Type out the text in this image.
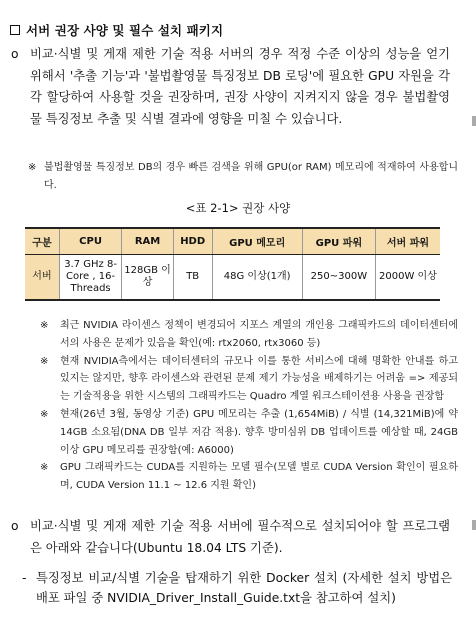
서버 권장 사양 및 필수 설치 패키지
o 비교·식별 및 게재 제한 기술 적용 서버의 경우 적정 수준 이상의 성능을 얻기 위해서 '추출 기능'과 '불법촬영물 특징정보 DB 로딩'에 필요한 GPU 자원을 각각 할당하여 사용할 것을 권장하며, 권장 사양이 지켜지지 않을 경우 불법촬영물 특징정보 추출 및 식별 결과에 영향을 미칠 수 있습니다.
※ 불법촬영물 특징정보 DB의 경우 빠른 검색을 위해 GPU(or RAM) 메모리에 적재하여 사용합니다.
<표 2-1> 권장 사양
구분	CPU	RAM	HDD	GPU 메모리	GPU 파워	서버 파워
서버	3.7 GHz 8-Core , 16-Threads	128GB 이상	TB	48G 이상(1개)	250~300W	2000W 이상
※ 최근 NVIDIA 라이센스 정책이 변경되어 지포스 계열의 개인용 그래픽카드의 데이터센터에서의 사용은 문제가 있음을 확인(예: rtx2060, rtx3060 등)
※ 현재 NVIDIA측에서는 데이터센터의 규모나 이를 통한 서비스에 대해 명확한 안내를 하고 있지는 않지만, 향후 라이센스와 관련된 문제 제기 가능성을 배제하기는 어려움 => 제공되는 기술적용을 위한 시스템의 그래픽카드는 Quadro 계열 워크스테이션용 사용을 권장함
※ 현재(26년 3월, 동영상 기준) GPU 메모리는 추출 (1,654MiB) / 식별 (14,321MiB)에 약 14GB 소요됨(DNA DB 일부 저감 적용). 향후 방미심위 DB 업데이트를 예상할 때, 24GB 이상 GPU 메모리를 권장함(예: A6000)
※ GPU 그래픽카드는 CUDA를 지원하는 모델 필수(모델 별로 CUDA Version 확인이 필요하며, CUDA Version 11.1 ~ 12.6 지원 확인)
o 비교·식별 및 게재 제한 기술 적용 서버에 필수적으로 설치되어야 할 프로그램은 아래와 같습니다(Ubuntu 18.04 LTS 기준).
- 특징정보 비교/식별 기술을 탑재하기 위한 Docker 설치 (자세한 설치 방법은 배포 파일 중 NVIDIA_Driver_Install_Guide.txt을 참고하여 설치)
